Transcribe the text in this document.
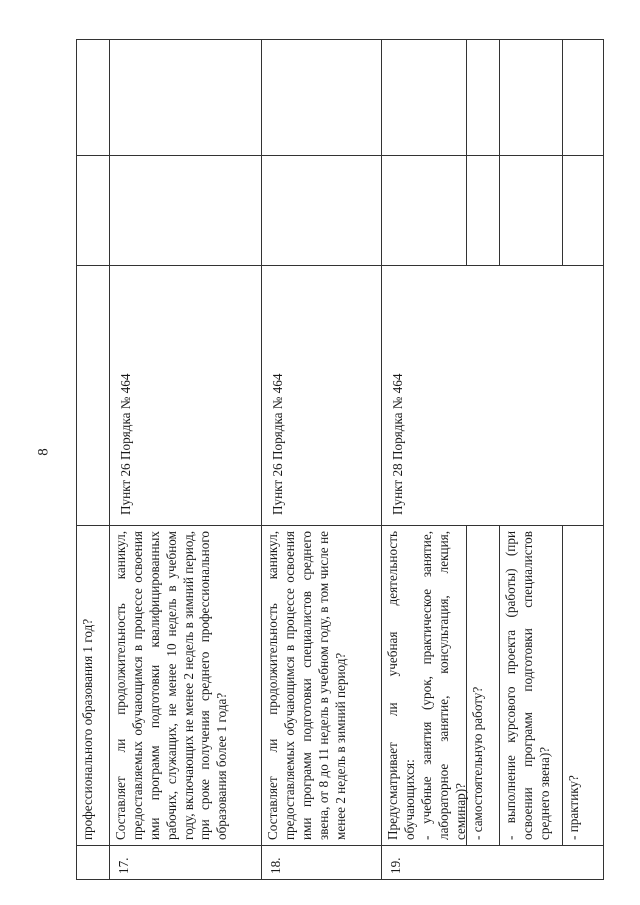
8
	профессионального образования 1 год?			
17.	Составляет ли продолжительность каникул, предоставляемых обучающимся в процессе освоения ими программ подготовки квалифицированных рабочих, служащих, не менее 10 недель в учебном году, включающих не менее 2 недель в зимний период, при сроке получения среднего профессионального образования более 1 года?	Пункт 26 Порядка № 464		
18.	Составляет ли продолжительность каникул, предоставляемых обучающимся в процессе освоения ими программ подготовки специалистов среднего звена, от 8 до 11 недель в учебном году, в том числе не менее 2 недель в зимний период?	Пункт 26 Порядка № 464		
19.	Предусматривает ли учебная деятельность обучающихся: - учебные занятия (урок, практическое занятие, лабораторное занятие, консультация, лекция, семинар)? - самостоятельную работу? - выполнение курсового проекта (работы) (при освоении программ подготовки специалистов среднего звена)? - практику?	Пункт 28 Порядка № 464	
